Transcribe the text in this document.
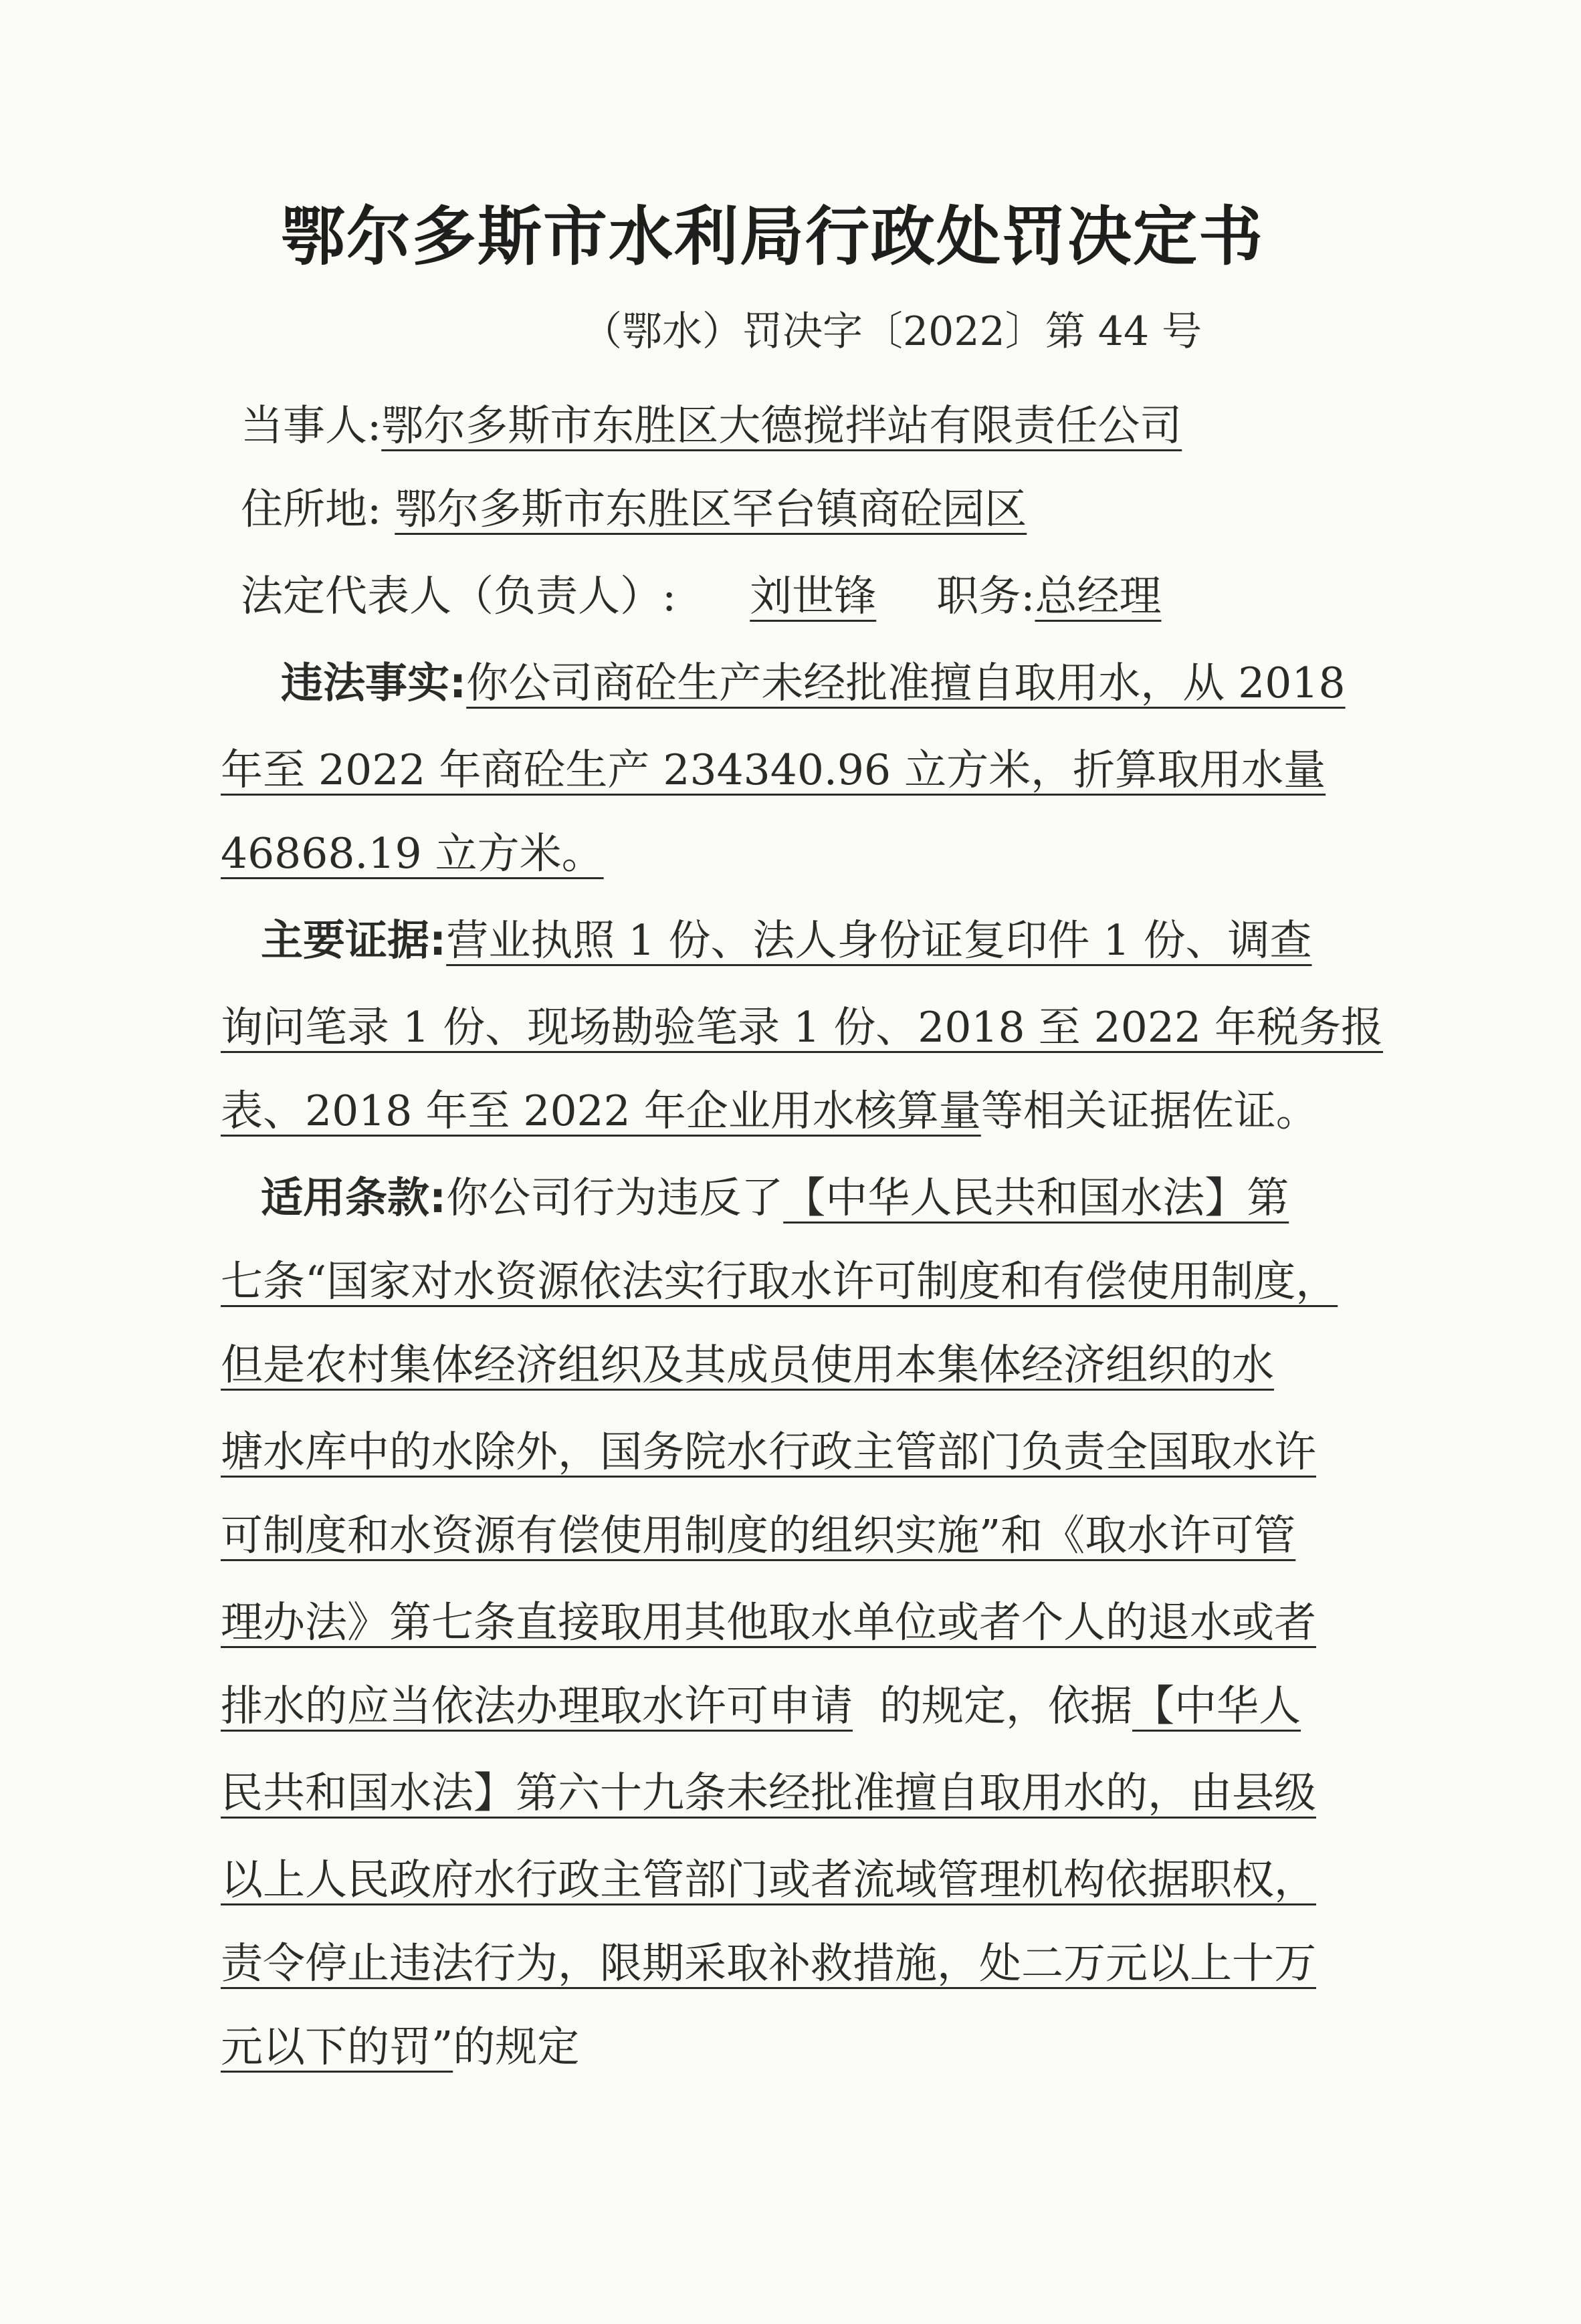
鄂尔多斯市水利局行政处罚决定书
（鄂水）罚决字〔2022〕第 44 号
当事人:鄂尔多斯市东胜区大德搅拌站有限责任公司
住所地: 鄂尔多斯市东胜区罕台镇商砼园区
法定代表人（负责人）: 刘世锋 职务:总经理
违法事实:你公司商砼生产未经批准擅自取用水，从 2018
年至 2022 年商砼生产 234340.96 立方米，折算取用水量
46868.19 立方米。
主要证据:营业执照 1 份、法人身份证复印件 1 份、调查
询问笔录 1 份、现场勘验笔录 1 份、2018 至 2022 年税务报
表、2018 年至 2022 年企业用水核算量等相关证据佐证。
适用条款:你公司行为违反了【中华人民共和国水法】第
七条“国家对水资源依法实行取水许可制度和有偿使用制度，
但是农村集体经济组织及其成员使用本集体经济组织的水
塘水库中的水除外，国务院水行政主管部门负责全国取水许
可制度和水资源有偿使用制度的组织实施”和《取水许可管
理办法》第七条直接取用其他取水单位或者个人的退水或者
排水的应当依法办理取水许可申请 的规定，依据【中华人
民共和国水法】第六十九条未经批准擅自取用水的，由县级
以上人民政府水行政主管部门或者流域管理机构依据职权，
责令停止违法行为，限期采取补救措施，处二万元以上十万
元以下的罚”的规定
